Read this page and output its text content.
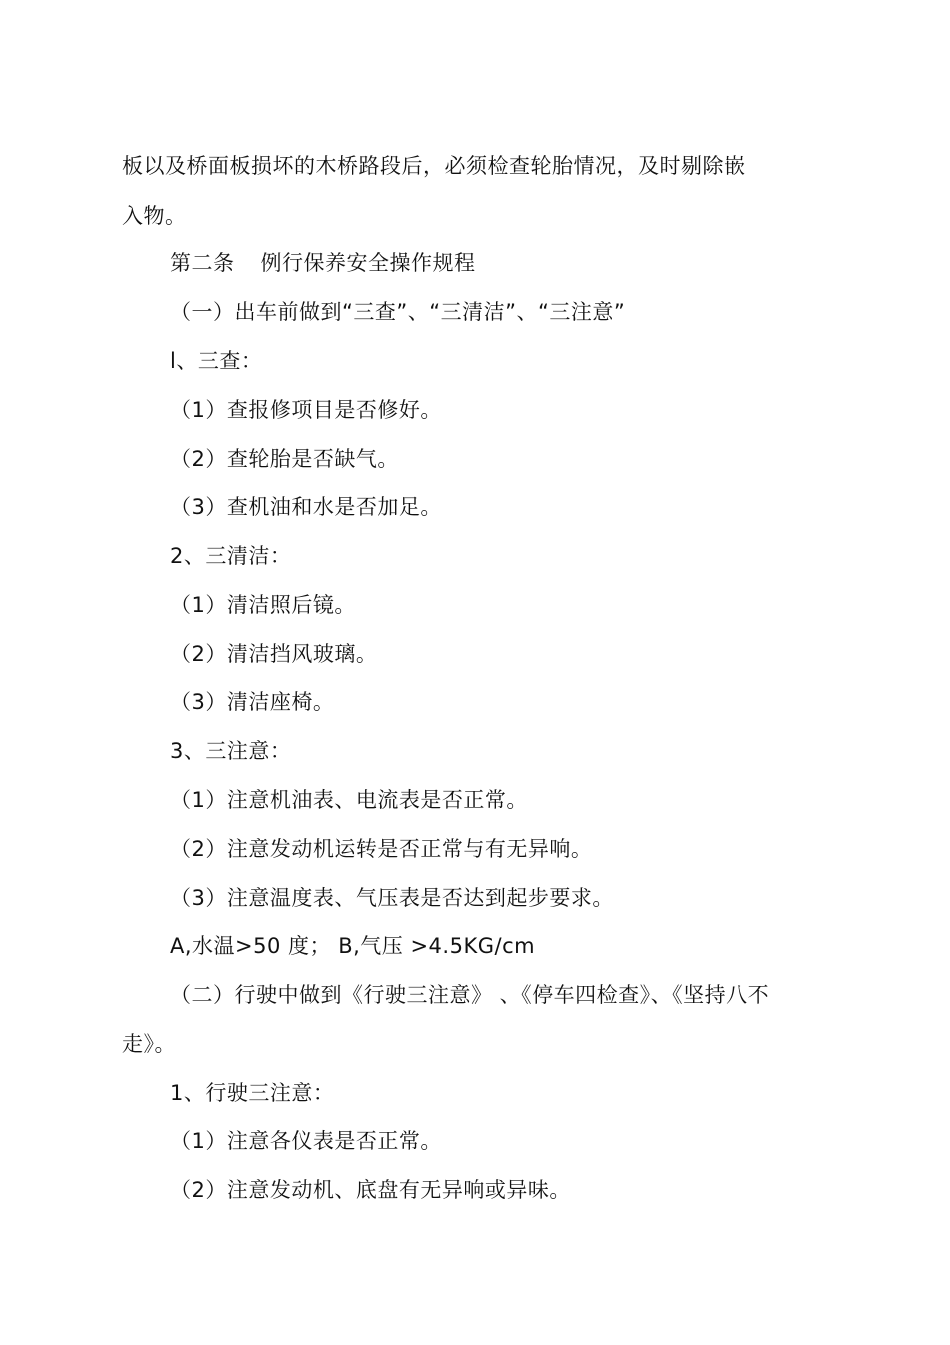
板以及桥面板损坏的木桥路段后，必须检查轮胎情况，及时剔除嵌
入物。
第二条 例行保养安全操作规程
（一）出车前做到“三查”、“三清洁”、“三注意”
l、三查：
（1）查报修项目是否修好。
（2）查轮胎是否缺气。
（3）查机油和水是否加足。
2、三清洁：
（1）清洁照后镜。
（2）清洁挡风玻璃。
（3）清洁座椅。
3、三注意：
（1）注意机油表、电流表是否正常。
（2）注意发动机运转是否正常与有无异响。
（3）注意温度表、气压表是否达到起步要求。
A,水温>50 度； B,气压 >4.5KG/cm
（二）行驶中做到《行驶三注意》 、《停车四检查》、《坚持八不
走》。
1、行驶三注意：
（1）注意各仪表是否正常。
（2）注意发动机、底盘有无异响或异味。
